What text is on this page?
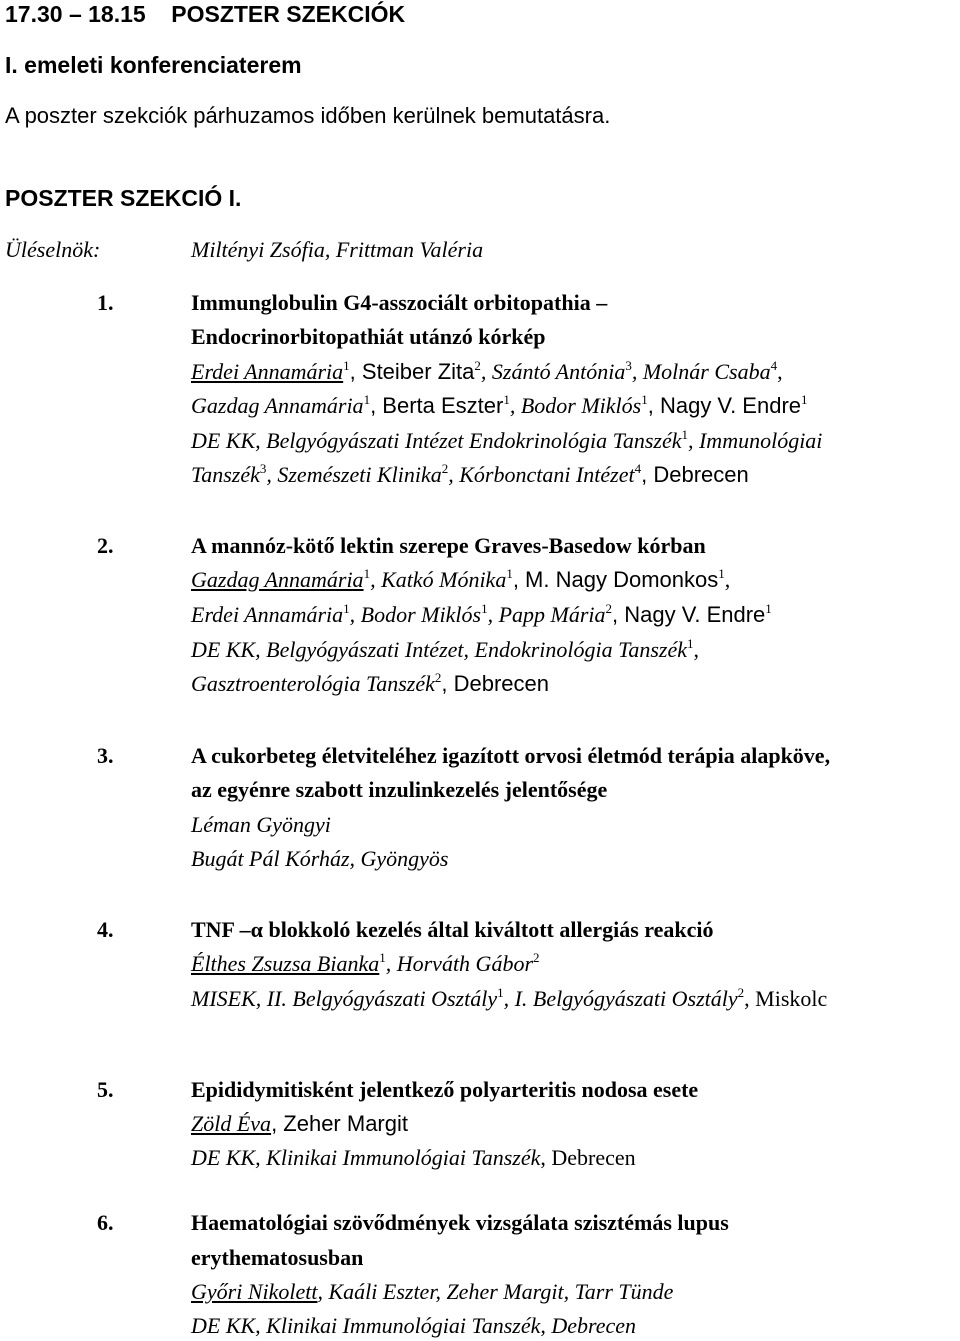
17.30 – 18.15 POSZTER SZEKCIÓK
I. emeleti konferenciaterem
A poszter szekciók párhuzamos időben kerülnek bemutatásra.
POSZTER SZEKCIÓ I.
Üléselnök:	Miltényi Zsófia, Frittman Valéria
1.	Immunglobulin G4-asszociált orbitopathia –
Endocrinorbitopathiát utánzó kórkép
Erdei Annamária$^1$, Steiber Zita$^2$, Szántó Antónia$^3$, Molnár Csaba$^4$,
Gazdag Annamária$^1$, Berta Eszter$^1$, Bodor Miklós$^1$, Nagy V. Endre$^1$
DE KK, Belgyógyászati Intézet Endokrinológia Tanszék$^1$, Immunológiai
Tanszék$^3$, Szemészeti Klinika$^2$, Kórbonctani Intézet$^4$, Debrecen
2.	A mannóz-kötő lektin szerepe Graves-Basedow kórban
Gazdag Annamária$^1$, Katkó Mónika$^1$, M. Nagy Domonkos$^1$,
Erdei Annamária$^1$, Bodor Miklós$^1$, Papp Mária$^2$, Nagy V. Endre$^1$
DE KK, Belgyógyászati Intézet, Endokrinológia Tanszék$^1$,
Gasztroenterológia Tanszék$^2$, Debrecen
3.	A cukorbeteg életviteléhez igazított orvosi életmód terápia alapköve,
az egyénre szabott inzulinkezelés jelentősége
Léman Gyöngyi
Bugát Pál Kórház, Gyöngyös
4.	TNF –α blokkoló kezelés által kiváltott allergiás reakció
Élthes Zsuzsa Bianka$^1$, Horváth Gábor$^2$
MISEK, II. Belgyógyászati Osztály$^1$, I. Belgyógyászati Osztály$^2$, Miskolc
5.	Epididymitisként jelentkező polyarteritis nodosa esete
Zöld Éva, Zeher Margit
DE KK, Klinikai Immunológiai Tanszék, Debrecen
6.	Haematológiai szövődmények vizsgálata szisztémás lupus
erythematosusban
Győri Nikolett, Kaáli Eszter, Zeher Margit, Tarr Tünde
DE KK, Klinikai Immunológiai Tanszék, Debrecen
